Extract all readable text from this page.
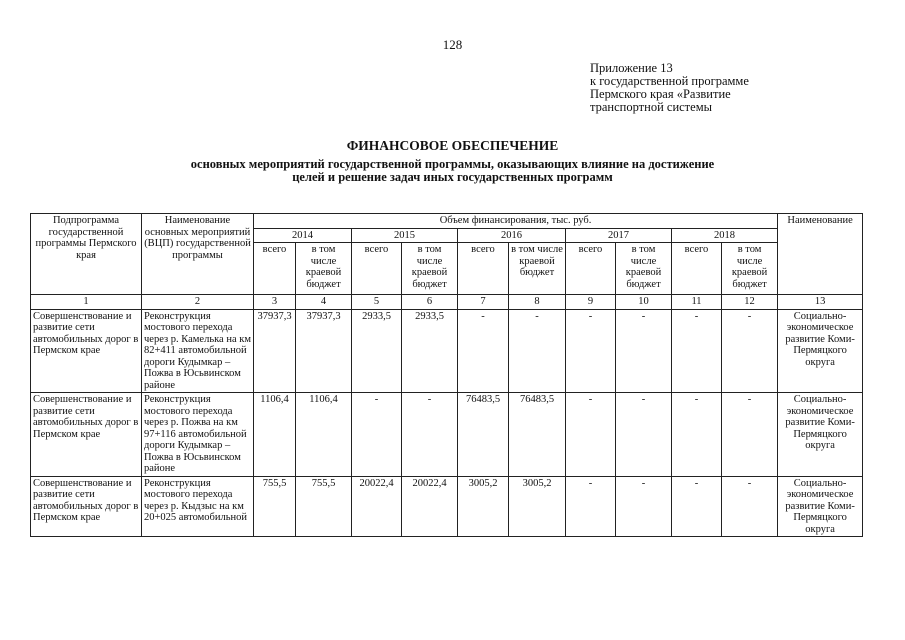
128
Приложение 13
к государственной программе
Пермского края «Развитие
транспортной системы
ФИНАНСОВОЕ ОБЕСПЕЧЕНИЕ
основных мероприятий государственной программы, оказывающих влияние на достижение целей и решение задач иных государственных программ
Подпрограмма государственной программы Пермского края	Наименование основных мероприятий (ВЦП) государственной программы	Объем финансирования, тыс. руб.										Наименование
		2014		2015		2016		2017		2018		
		всего	в том числе краевой бюджет	всего	в том числе краевой бюджет	всего	в том числе краевой бюджет	всего	в том числе краевой бюджет	всего	в том числе краевой бюджет	
1	2	3	4	5	6	7	8	9	10	11	12	13
Совершенствование и развитие сети автомобильных дорог в Пермском крае	Реконструкция мостового перехода через р. Камелька на км 82+411 автомобильной дороги Кудымкар – Пожва в Юсьвинском районе	37937,3	37937,3	2933,5	2933,5	-	-	-	-	-	-	Социально-экономическое развитие Коми-Пермяцкого округа
Совершенствование и развитие сети автомобильных дорог в Пермском крае	Реконструкция мостового перехода через р. Пожва на км 97+116 автомобильной дороги Кудымкар – Пожва в Юсьвинском районе	1106,4	1106,4	-	-	76483,5	76483,5	-	-	-	-	Социально-экономическое развитие Коми-Пермяцкого округа
Совершенствование и развитие сети автомобильных дорог в Пермском крае	Реконструкция мостового перехода через р. Кыдзыс на км 20+025 автомобильной	755,5	755,5	20022,4	20022,4	3005,2	3005,2	-	-	-	-	Социально-экономическое развитие Коми-Пермяцкого округа
